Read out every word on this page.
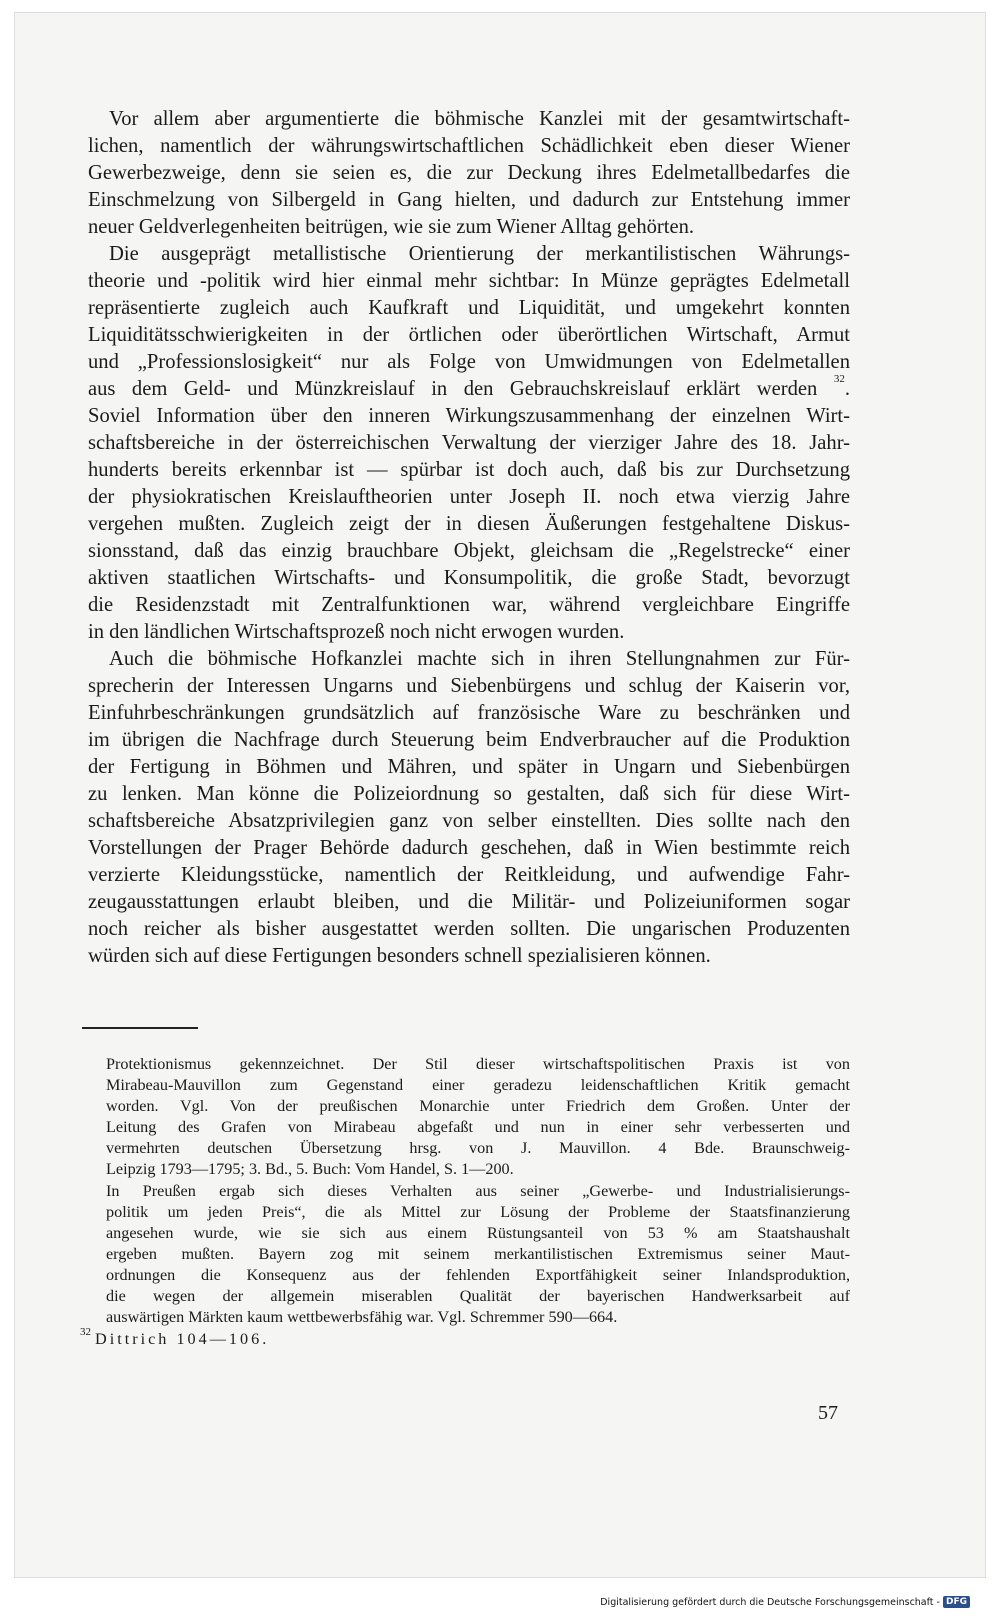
Vor allem aber argumentierte die böhmische Kanzlei mit der gesamtwirtschaft-

lichen, namentlich der währungswirtschaftlichen Schädlichkeit eben dieser Wiener

Gewerbezweige, denn sie seien es, die zur Deckung ihres Edelmetallbedarfes die

Einschmelzung von Silbergeld in Gang hielten, und dadurch zur Entstehung immer

neuer Geldverlegenheiten beitrügen, wie sie zum Wiener Alltag gehörten.

Die ausgeprägt metallistische Orientierung der merkantilistischen Währungs-

theorie und -politik wird hier einmal mehr sichtbar: In Münze geprägtes Edelmetall

repräsentierte zugleich auch Kaufkraft und Liquidität, und umgekehrt konnten

Liquiditätsschwierigkeiten in der örtlichen oder überörtlichen Wirtschaft, Armut

und „Professionslosigkeit“ nur als Folge von Umwidmungen von Edelmetallen

aus dem Geld- und Münzkreislauf in den Gebrauchskreislauf erklärt werden $^{32}$.

Soviel Information über den inneren Wirkungszusammenhang der einzelnen Wirt-

schaftsbereiche in der österreichischen Verwaltung der vierziger Jahre des 18. Jahr-

hunderts bereits erkennbar ist — spürbar ist doch auch, daß bis zur Durchsetzung

der physiokratischen Kreislauftheorien unter Joseph II. noch etwa vierzig Jahre

vergehen mußten. Zugleich zeigt der in diesen Äußerungen festgehaltene Diskus-

sionsstand, daß das einzig brauchbare Objekt, gleichsam die „Regelstrecke“ einer

aktiven staatlichen Wirtschafts- und Konsumpolitik, die große Stadt, bevorzugt

die Residenzstadt mit Zentralfunktionen war, während vergleichbare Eingriffe

in den ländlichen Wirtschaftsprozeß noch nicht erwogen wurden.

Auch die böhmische Hofkanzlei machte sich in ihren Stellungnahmen zur Für-

sprecherin der Interessen Ungarns und Siebenbürgens und schlug der Kaiserin vor,

Einfuhrbeschränkungen grundsätzlich auf französische Ware zu beschränken und

im übrigen die Nachfrage durch Steuerung beim Endverbraucher auf die Produktion

der Fertigung in Böhmen und Mähren, und später in Ungarn und Siebenbürgen

zu lenken. Man könne die Polizeiordnung so gestalten, daß sich für diese Wirt-

schaftsbereiche Absatzprivilegien ganz von selber einstellten. Dies sollte nach den

Vorstellungen der Prager Behörde dadurch geschehen, daß in Wien bestimmte reich

verzierte Kleidungsstücke, namentlich der Reitkleidung, und aufwendige Fahr-

zeugausstattungen erlaubt bleiben, und die Militär- und Polizeiuniformen sogar

noch reicher als bisher ausgestattet werden sollten. Die ungarischen Produzenten

würden sich auf diese Fertigungen besonders schnell spezialisieren können.

Protektionismus gekennzeichnet. Der Stil dieser wirtschaftspolitischen Praxis ist von

Mirabeau-Mauvillon zum Gegenstand einer geradezu leidenschaftlichen Kritik gemacht

worden. Vgl. Von der preußischen Monarchie unter Friedrich dem Großen. Unter der

Leitung des Grafen von Mirabeau abgefaßt und nun in einer sehr verbesserten und

vermehrten deutschen Übersetzung hrsg. von J. Mauvillon. 4 Bde. Braunschweig-

Leipzig 1793—1795; 3. Bd., 5. Buch: Vom Handel, S. 1—200.

In Preußen ergab sich dieses Verhalten aus seiner „Gewerbe- und Industrialisierungs-

politik um jeden Preis“, die als Mittel zur Lösung der Probleme der Staatsfinanzierung

angesehen wurde, wie sie sich aus einem Rüstungsanteil von 53 % am Staatshaushalt

ergeben mußten. Bayern zog mit seinem merkantilistischen Extremismus seiner Maut-

ordnungen die Konsequenz aus der fehlenden Exportfähigkeit seiner Inlandsproduktion,

die wegen der allgemein miserablen Qualität der bayerischen Handwerksarbeit auf

auswärtigen Märkten kaum wettbewerbsfähig war. Vgl. Schremmer 590—664.

$^{32}$ Dittrich 104—106.

57
Digitalisierung gefördert durch die Deutsche Forschungsgemeinschaft - DFG
